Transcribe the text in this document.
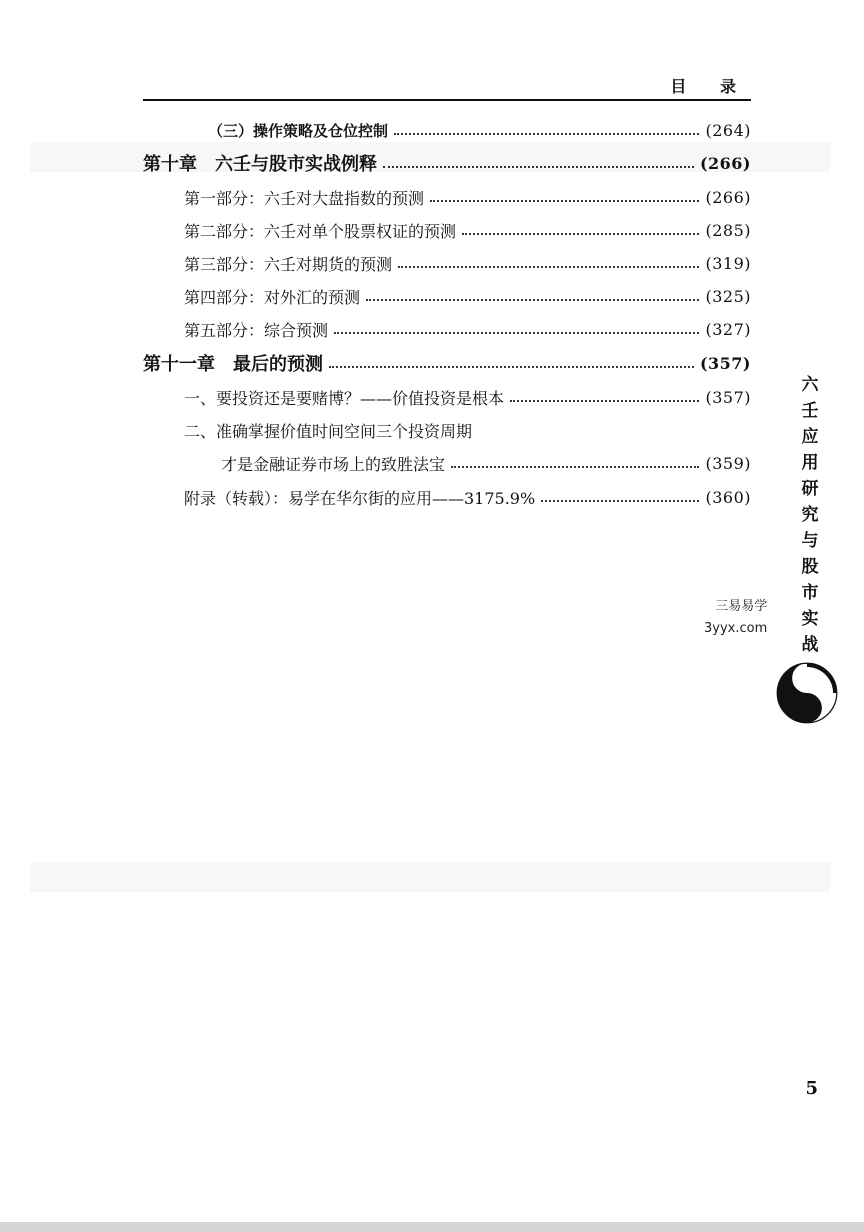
目 录
（三）操作策略及仓位控制	(264)
第十章　六壬与股市实战例释	(266)
第一部分：六壬对大盘指数的预测	(266)
第二部分：六壬对单个股票权证的预测	(285)
第三部分：六壬对期货的预测	(319)
第四部分：对外汇的预测	(325)
第五部分：综合预测	(327)
第十一章　最后的预测	(357)
一、要投资还是要赌博？——价值投资是根本	(357)
二、准确掌握价值时间空间三个投资周期
才是金融证券市场上的致胜法宝	(359)
附录（转载）：易学在华尔街的应用——3175.9%	(360)
六
壬
应
用
研
究
与
股
市
实
战
三易易学
3yyx.com
5
